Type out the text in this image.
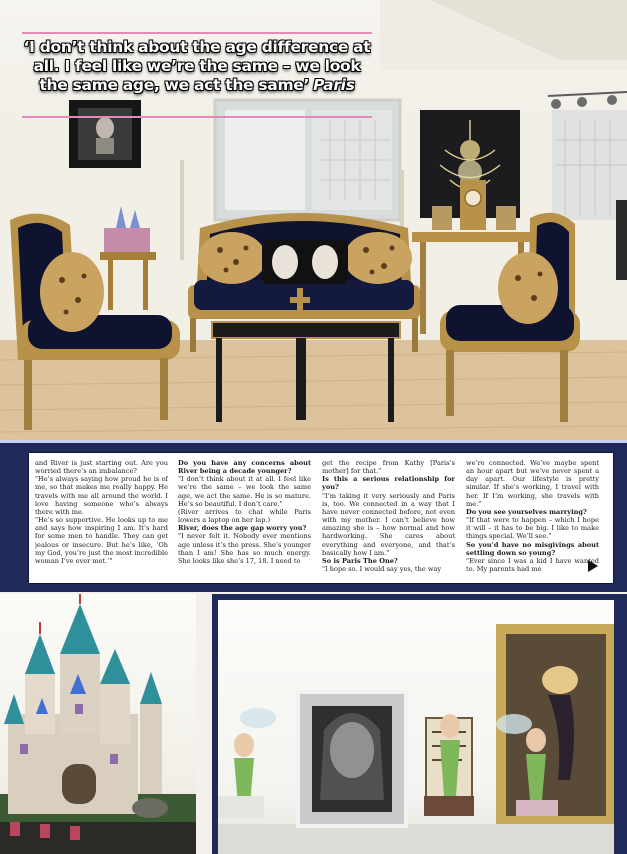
‘I don’t think about the age difference at all. I feel like we’re the same – we look the same age, we act the same’ Paris

and River is just starting out. Are you worried there’s an imbalance?

"He’s always saying how proud he is of me, so that makes me really happy. He travels with me all around the world. I love having someone who’s always there with me.

"He’s so supportive. He looks up to me and says how inspiring I am. It’s hard for some men to handle. They can get jealous or insecure. But he’s like, ‘Oh my God, you’re just the most incredible woman I’ve ever met.’"

Do you have any concerns about River being a decade younger?

"I don’t think about it at all. I feel like we’re the same – we look the same age, we act the same. He is so mature. He’s so beautiful. I don’t care."

(River arrives to chat while Paris lowers a laptop on her lap.)

River, does the age gap worry you?

"I never felt it. Nobody ever mentions age unless it’s the press. She’s younger than I am! She has so much energy. She looks like she’s 17, 18. I need to

get the recipe from Kathy [Paris’s mother] for that."

Is this a serious relationship for you?

"I’m taking it very seriously and Paris is, too. We connected in a way that I have never connected before, not even with my mother. I can’t believe how amazing she is – how normal and how hardworking. She cares about everything and everyone, and that’s basically how I am."

So is Paris The One?

"I hope so. I would say yes, the way

we’re connected. We’ve maybe spent an hour apart but we’ve never spent a day apart. Our lifestyle is pretty similar. If she’s working, I travel with her. If I’m working, she travels with me."

Do you see yourselves marrying?

"If that were to happen – which I hope it will – it has to be big. I like to make things special. We’ll see."

So you’d have no misgivings about settling down so young?

"Ever since I was a kid I have wanted to. My parents had me
